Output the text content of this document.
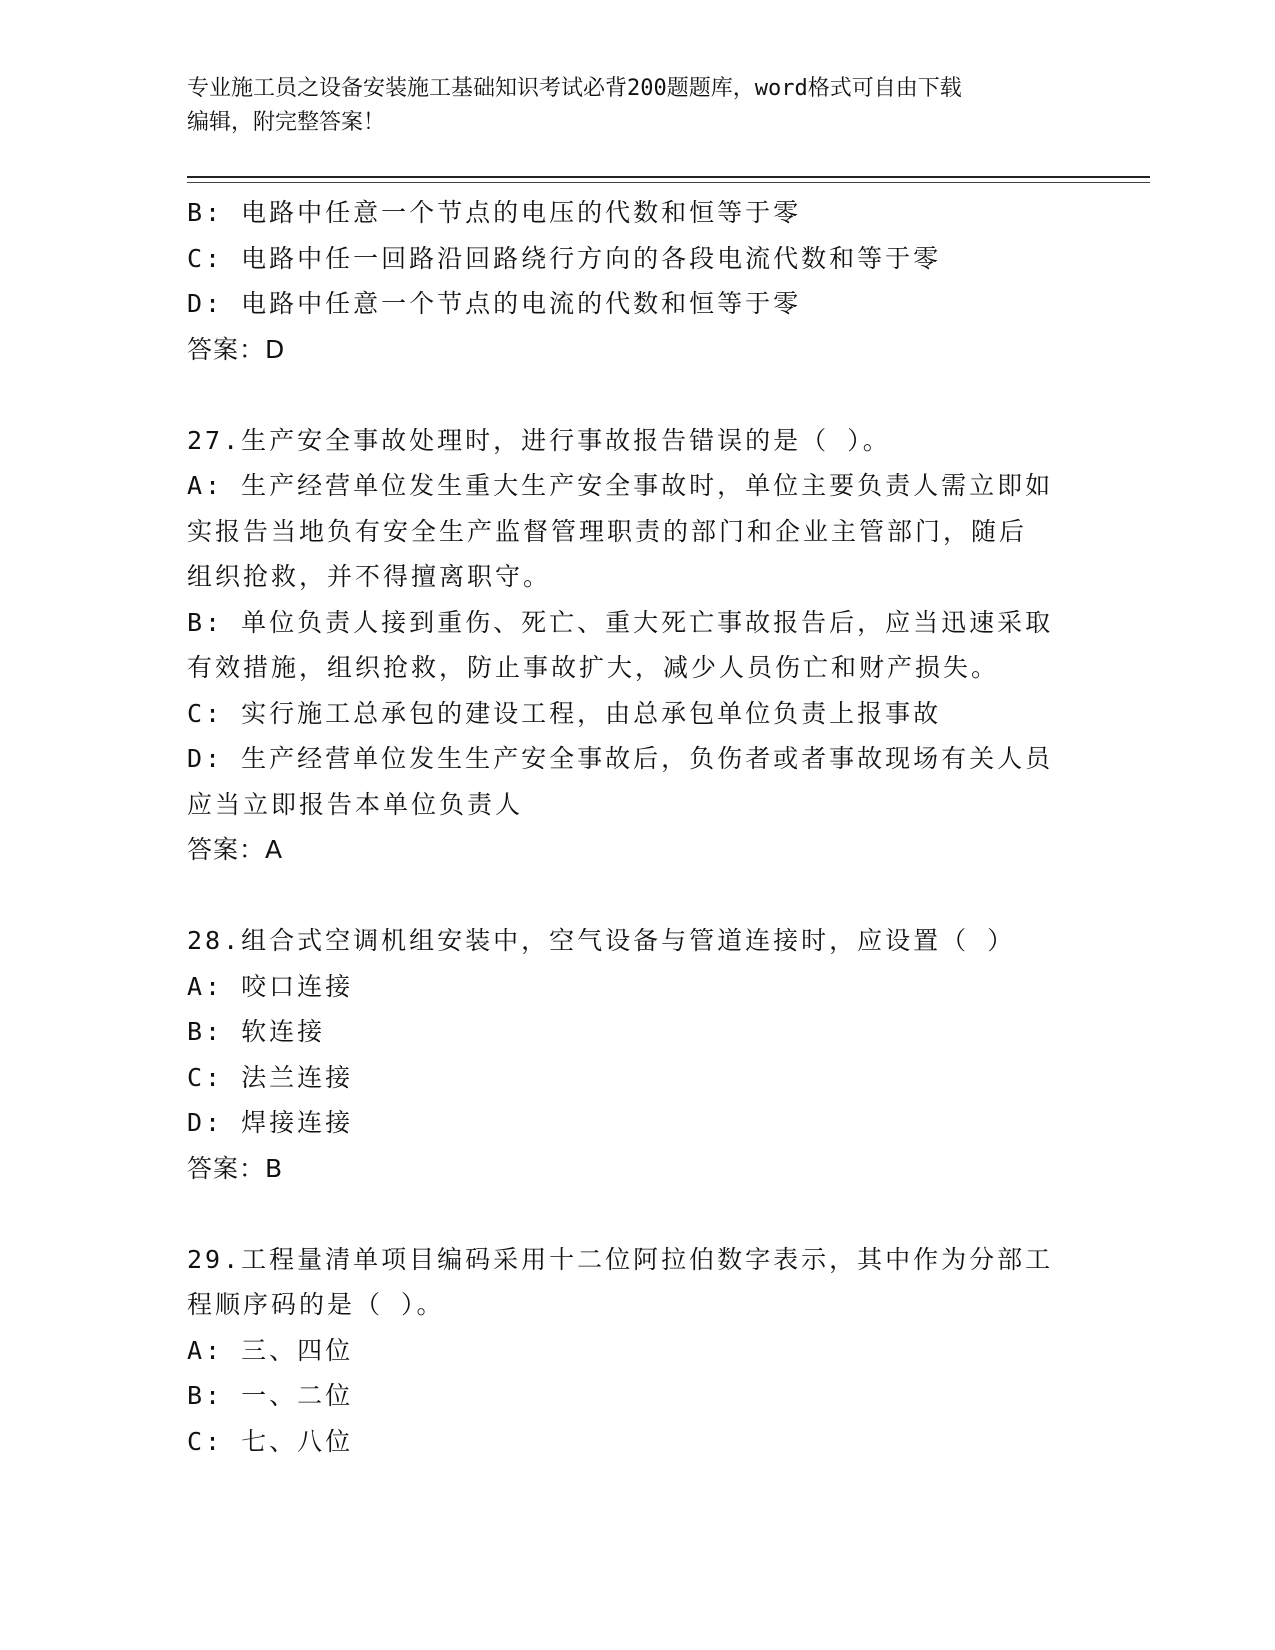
专业施工员之设备安装施工基础知识考试必背200题题库，word格式可自由下载
编辑，附完整答案！
B: 电路中任意一个节点的电压的代数和恒等于零
C: 电路中任一回路沿回路绕行方向的各段电流代数和等于零
D: 电路中任意一个节点的电流的代数和恒等于零
答案：D
27.生产安全事故处理时，进行事故报告错误的是（ ）。
A: 生产经营单位发生重大生产安全事故时，单位主要负责人需立即如
实报告当地负有安全生产监督管理职责的部门和企业主管部门，随后
组织抢救，并不得擅离职守。
B: 单位负责人接到重伤、死亡、重大死亡事故报告后，应当迅速采取
有效措施，组织抢救，防止事故扩大，减少人员伤亡和财产损失。
C: 实行施工总承包的建设工程，由总承包单位负责上报事故
D: 生产经营单位发生生产安全事故后，负伤者或者事故现场有关人员
应当立即报告本单位负责人
答案：A
28.组合式空调机组安装中，空气设备与管道连接时，应设置（ ）
A: 咬口连接
B: 软连接
C: 法兰连接
D: 焊接连接
答案：B
29.工程量清单项目编码采用十二位阿拉伯数字表示，其中作为分部工
程顺序码的是（ ）。
A: 三、四位
B: 一、二位
C: 七、八位
